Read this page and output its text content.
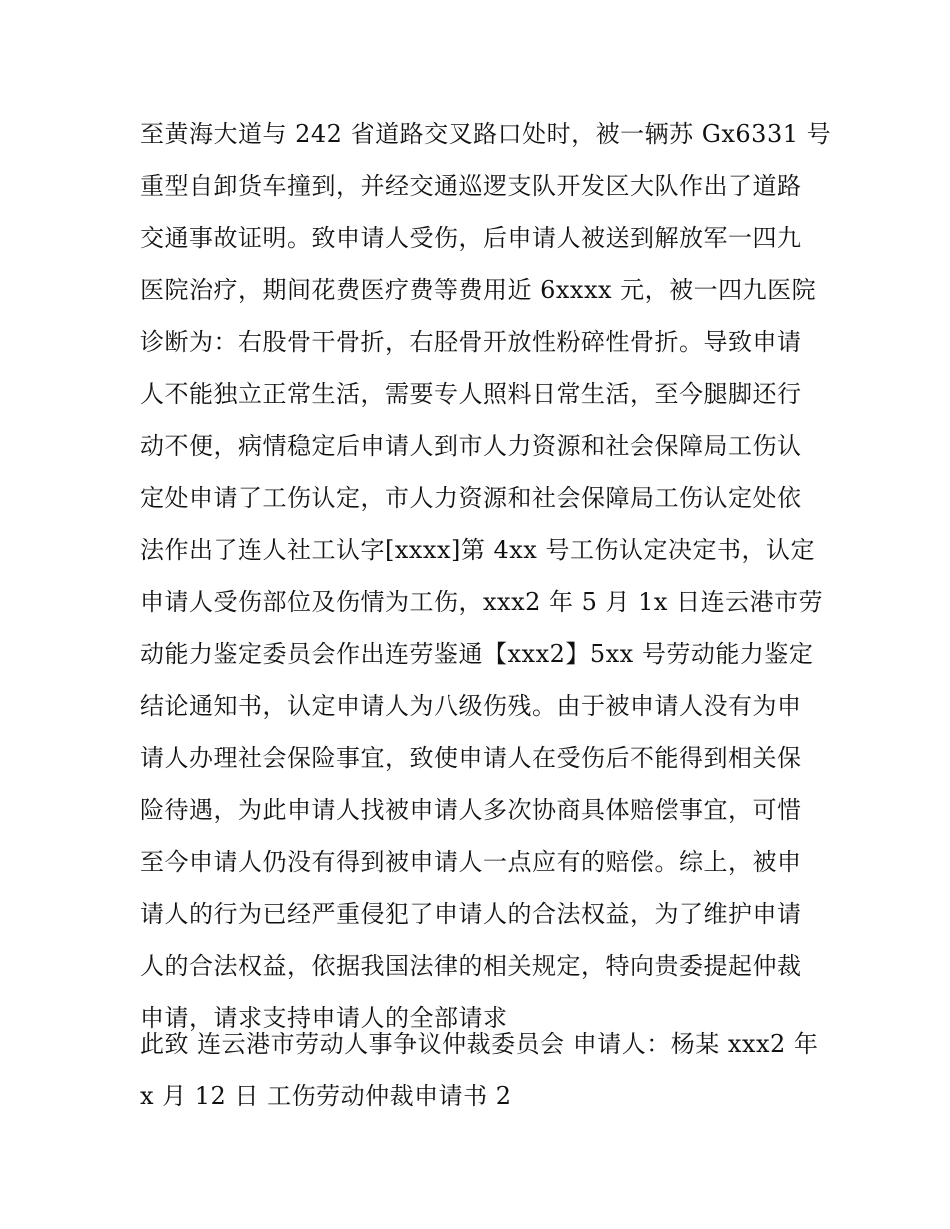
至黄海大道与 242 省道路交叉路口处时，被一辆苏 Gx6331 号
重型自卸货车撞到，并经交通巡逻支队开发区大队作出了道路
交通事故证明。致申请人受伤，后申请人被送到解放军一四九
医院治疗，期间花费医疗费等费用近 6xxxx 元，被一四九医院
诊断为：右股骨干骨折，右胫骨开放性粉碎性骨折。导致申请
人不能独立正常生活，需要专人照料日常生活，至今腿脚还行
动不便，病情稳定后申请人到市人力资源和社会保障局工伤认
定处申请了工伤认定，市人力资源和社会保障局工伤认定处依
法作出了连人社工认字[xxxx]第 4xx 号工伤认定决定书，认定
申请人受伤部位及伤情为工伤，xxx2 年 5 月 1x 日连云港市劳
动能力鉴定委员会作出连劳鉴通【xxx2】5xx 号劳动能力鉴定
结论通知书，认定申请人为八级伤残。由于被申请人没有为申
请人办理社会保险事宜，致使申请人在受伤后不能得到相关保
险待遇，为此申请人找被申请人多次协商具体赔偿事宜，可惜
至今申请人仍没有得到被申请人一点应有的赔偿。综上，被申
请人的行为已经严重侵犯了申请人的合法权益，为了维护申请
人的合法权益，依据我国法律的相关规定，特向贵委提起仲裁
申请，请求支持申请人的全部请求
此致 连云港市劳动人事争议仲裁委员会 申请人：杨某 xxx2 年
x 月 12 日 工伤劳动仲裁申请书 2
